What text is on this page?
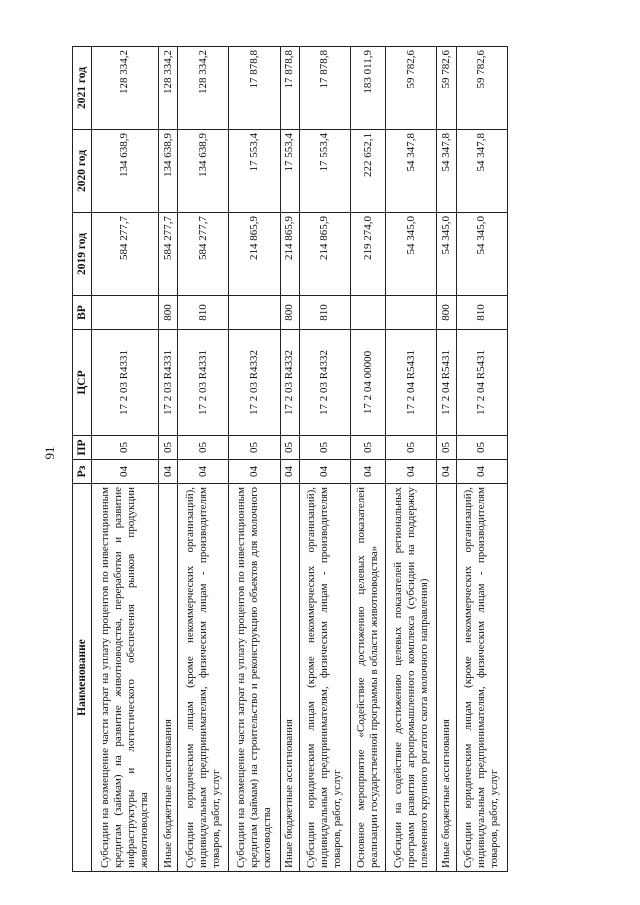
91
Наименование	Рз	ПР	ЦСР	ВР	2019 год	2020 год	2021 год
Субсидии на возмещение части затрат на уплату процентов по инвестиционным кредитам (займам) на развитие животноводства, переработки и развитие инфраструктуры и логистического обеспечения рынков продукции животноводства	04	05	17 2 03 R4331		584 277,7	134 638,9	128 334,2
Иные бюджетные ассигнования	04	05	17 2 03 R4331	800	584 277,7	134 638,9	128 334,2
Субсидии юридическим лицам (кроме некоммерческих организаций), индивидуальным предпринимателям, физическим лицам - производителям товаров, работ, услуг	04	05	17 2 03 R4331	810	584 277,7	134 638,9	128 334,2
Субсидии на возмещение части затрат на уплату процентов по инвестиционным кредитам (займам) на строительство и реконструкцию объектов для молочного скотоводства	04	05	17 2 03 R4332		214 865,9	17 553,4	17 878,8
Иные бюджетные ассигнования	04	05	17 2 03 R4332	800	214 865,9	17 553,4	17 878,8
Субсидии юридическим лицам (кроме некоммерческих организаций), индивидуальным предпринимателям, физическим лицам - производителям товаров, работ, услуг	04	05	17 2 03 R4332	810	214 865,9	17 553,4	17 878,8
Основное мероприятие «Содействие достижению целевых показателей реализации государственной программы в области животноводства»	04	05	17 2 04 00000		219 274,0	222 652,1	183 011,9
Субсидии на содействие достижению целевых показателей региональных программ развития агропромышленного комплекса (субсидии на поддержку племенного крупного рогатого скота молочного направления)	04	05	17 2 04 R5431		54 345,0	54 347,8	59 782,6
Иные бюджетные ассигнования	04	05	17 2 04 R5431	800	54 345,0	54 347,8	59 782,6
Субсидии юридическим лицам (кроме некоммерческих организаций), индивидуальным предпринимателям, физическим лицам - производителям товаров, работ, услуг	04	05	17 2 04 R5431	810	54 345,0	54 347,8	59 782,6
